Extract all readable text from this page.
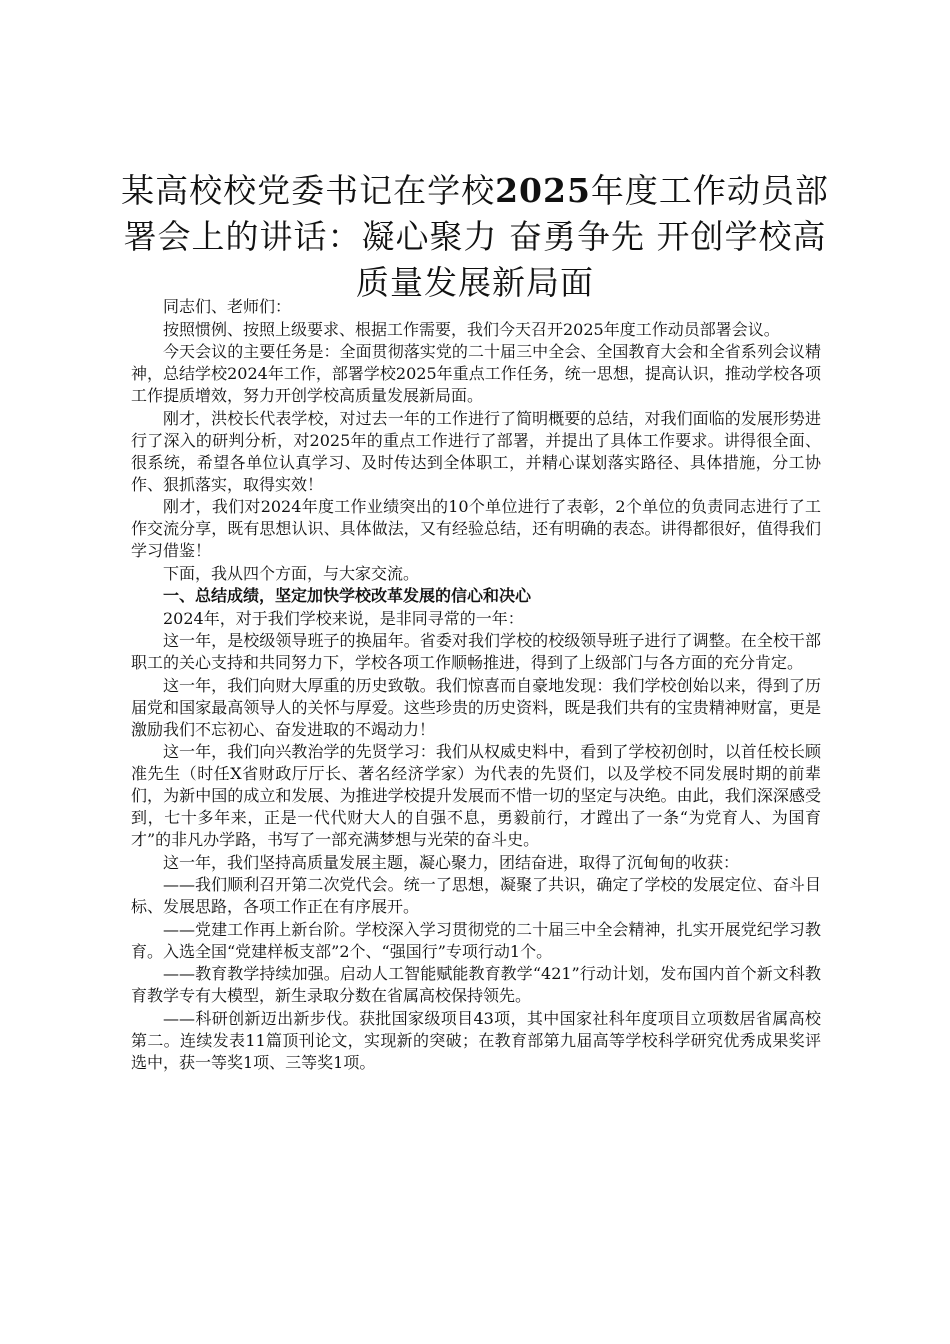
某高校校党委书记在学校2025年度工作动员部署会上的讲话：凝心聚力 奋勇争先 开创学校高质量发展新局面

同志们、老师们：

按照惯例、按照上级要求、根据工作需要，我们今天召开2025年度工作动员部署会议。

今天会议的主要任务是：全面贯彻落实党的二十届三中全会、全国教育大会和全省系列会议精神，总结学校2024年工作，部署学校2025年重点工作任务，统一思想，提高认识，推动学校各项工作提质增效，努力开创学校高质量发展新局面。

刚才，洪校长代表学校，对过去一年的工作进行了简明概要的总结，对我们面临的发展形势进行了深入的研判分析，对2025年的重点工作进行了部署，并提出了具体工作要求。讲得很全面、很系统，希望各单位认真学习、及时传达到全体职工，并精心谋划落实路径、具体措施，分工协作、狠抓落实，取得实效！

刚才，我们对2024年度工作业绩突出的10个单位进行了表彰，2个单位的负责同志进行了工作交流分享，既有思想认识、具体做法，又有经验总结，还有明确的表态。讲得都很好，值得我们学习借鉴！

下面，我从四个方面，与大家交流。

一、总结成绩，坚定加快学校改革发展的信心和决心

2024年，对于我们学校来说，是非同寻常的一年：

这一年，是校级领导班子的换届年。省委对我们学校的校级领导班子进行了调整。在全校干部职工的关心支持和共同努力下，学校各项工作顺畅推进，得到了上级部门与各方面的充分肯定。

这一年，我们向财大厚重的历史致敬。我们惊喜而自豪地发现：我们学校创始以来，得到了历届党和国家最高领导人的关怀与厚爱。这些珍贵的历史资料，既是我们共有的宝贵精神财富，更是激励我们不忘初心、奋发进取的不竭动力！

这一年，我们向兴教治学的先贤学习：我们从权威史料中，看到了学校初创时，以首任校长顾准先生（时任X省财政厅厅长、著名经济学家）为代表的先贤们，以及学校不同发展时期的前辈们，为新中国的成立和发展、为推进学校提升发展而不惜一切的坚定与决绝。由此，我们深深感受到，七十多年来，正是一代代财大人的自强不息，勇毅前行，才蹚出了一条“为党育人、为国育才”的非凡办学路，书写了一部充满梦想与光荣的奋斗史。

这一年，我们坚持高质量发展主题，凝心聚力，团结奋进，取得了沉甸甸的收获：

——我们顺利召开第二次党代会。统一了思想，凝聚了共识，确定了学校的发展定位、奋斗目标、发展思路，各项工作正在有序展开。

——党建工作再上新台阶。学校深入学习贯彻党的二十届三中全会精神，扎实开展党纪学习教育。入选全国“党建样板支部”2个、“强国行”专项行动1个。

——教育教学持续加强。启动人工智能赋能教育教学“421”行动计划，发布国内首个新文科教育教学专有大模型，新生录取分数在省属高校保持领先。

——科研创新迈出新步伐。获批国家级项目43项，其中国家社科年度项目立项数居省属高校第二。连续发表11篇顶刊论文，实现新的突破；在教育部第九届高等学校科学研究优秀成果奖评选中，获一等奖1项、三等奖1项。
